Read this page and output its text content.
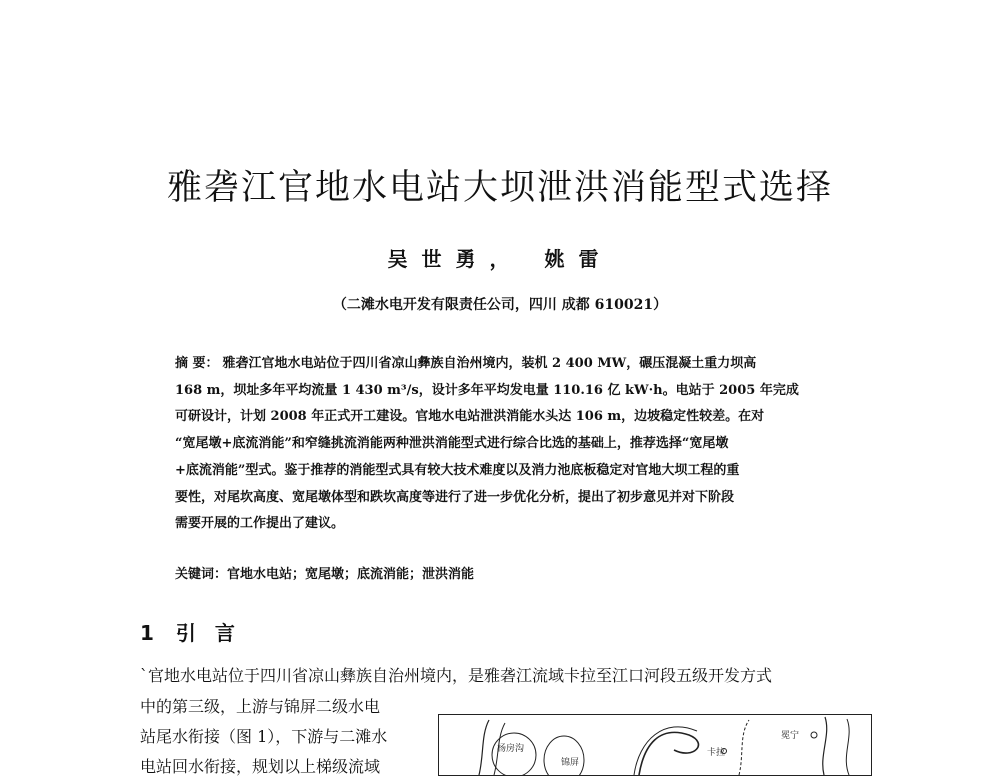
雅砻江官地水电站大坝泄洪消能型式选择
吴世勇， 姚雷
（二滩水电开发有限责任公司，四川 成都 610021）
摘 要： 雅砻江官地水电站位于四川省凉山彝族自治州境内，装机 2 400 MW，碾压混凝土重力坝高
168 m，坝址多年平均流量 1 430 m³/s，设计多年平均发电量 110.16 亿 kW·h。电站于 2005 年完成
可研设计，计划 2008 年正式开工建设。官地水电站泄洪消能水头达 106 m，边坡稳定性较差。在对
“宽尾墩+底流消能”和窄缝挑流消能两种泄洪消能型式进行综合比选的基础上，推荐选择“宽尾墩
+底流消能”型式。鉴于推荐的消能型式具有较大技术难度以及消力池底板稳定对官地大坝工程的重
要性，对尾坎高度、宽尾墩体型和跌坎高度等进行了进一步优化分析，提出了初步意见并对下阶段
需要开展的工作提出了建议。
关键词：官地水电站；宽尾墩；底流消能；泄洪消能
1 引 言
`官地水电站位于四川省凉山彝族自治州境内，是雅砻江流域卡拉至江口河段五级开发方式
中的第三级，上游与锦屏二级水电
站尾水衔接（图 1），下游与二滩水
电站回水衔接，规划以上梯级流域
杨房沟	卡拉
冕宁
锦屏
